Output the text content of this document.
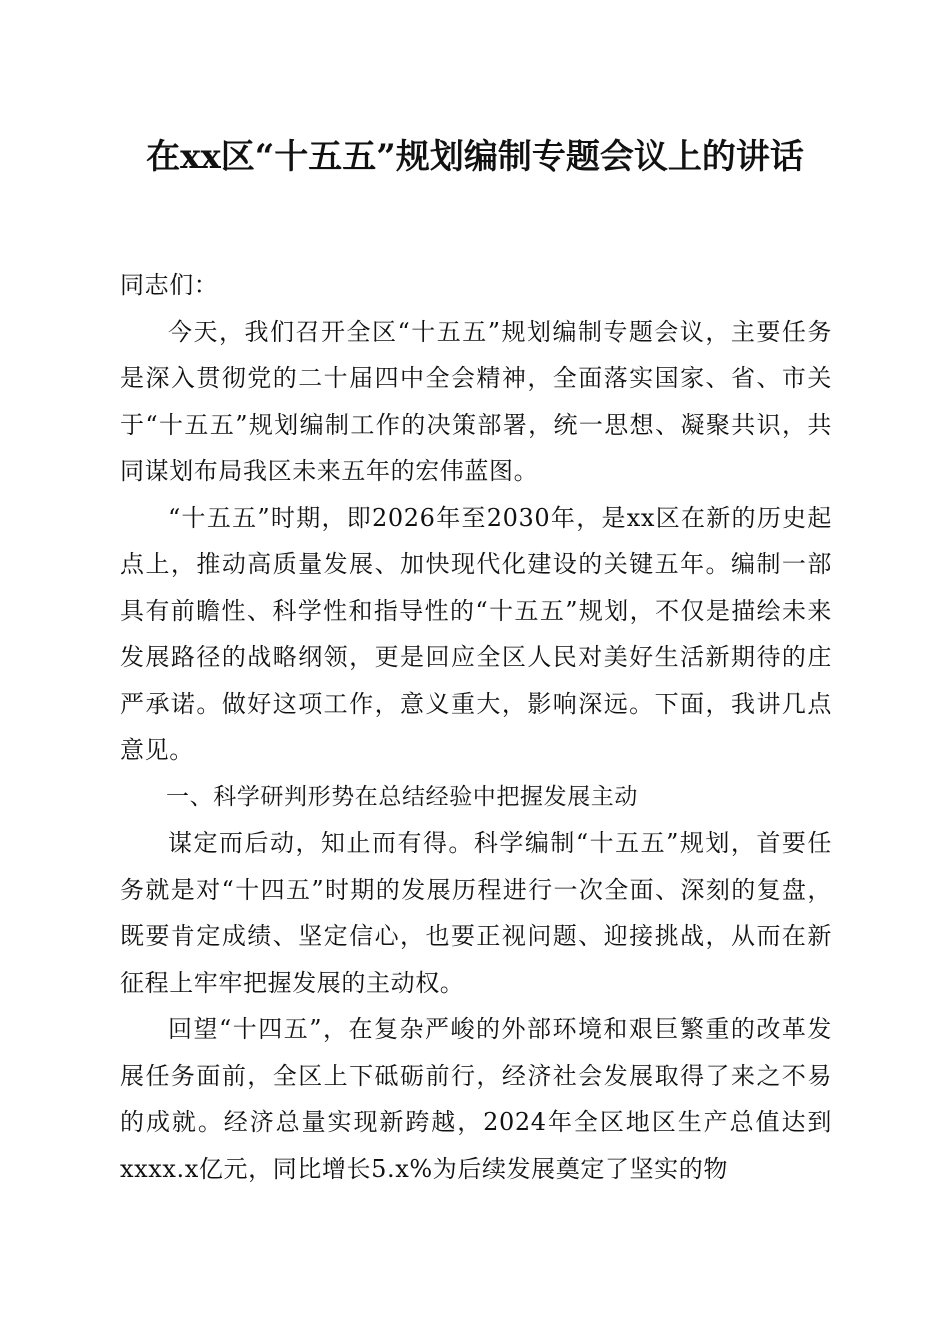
在xx区“十五五”规划编制专题会议上的讲话

同志们：

今天，我们召开全区“十五五”规划编制专题会议，主要任务是深入贯彻党的二十届四中全会精神，全面落实国家、省、市关于“十五五”规划编制工作的决策部署，统一思想、凝聚共识，共同谋划布局我区未来五年的宏伟蓝图。

“十五五”时期，即2026年至2030年，是xx区在新的历史起点上，推动高质量发展、加快现代化建设的关键五年。编制一部具有前瞻性、科学性和指导性的“十五五”规划，不仅是描绘未来发展路径的战略纲领，更是回应全区人民对美好生活新期待的庄严承诺。做好这项工作，意义重大，影响深远。下面，我讲几点意见。

一、科学研判形势在总结经验中把握发展主动

谋定而后动，知止而有得。科学编制“十五五”规划，首要任务就是对“十四五”时期的发展历程进行一次全面、深刻的复盘，既要肯定成绩、坚定信心，也要正视问题、迎接挑战，从而在新征程上牢牢把握发展的主动权。

回望“十四五”，在复杂严峻的外部环境和艰巨繁重的改革发展任务面前，全区上下砥砺前行，经济社会发展取得了来之不易的成就。经济总量实现新跨越，2024年全区地区生产总值达到xxxx.x亿元，同比增长5.x%为后续发展奠定了坚实的物
